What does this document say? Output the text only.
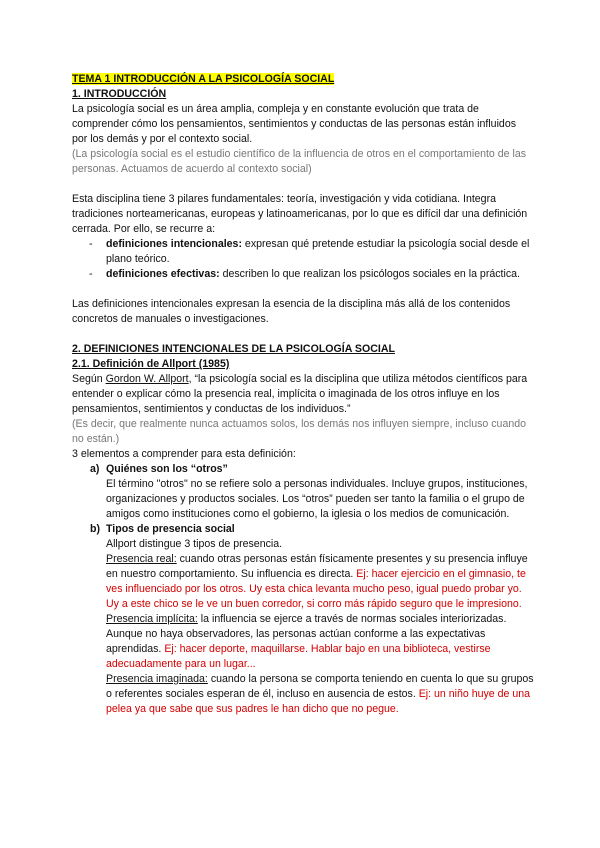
TEMA 1 INTRODUCCIÓN A LA PSICOLOGÍA SOCIAL

1. INTRODUCCIÓN

La psicología social es un área amplia, compleja y en constante evolución que trata de comprender cómo los pensamientos, sentimientos y conductas de las personas están influidos por los demás y por el contexto social.

(La psicología social es el estudio científico de la influencia de otros en el comportamiento de las personas. Actuamos de acuerdo al contexto social)

Esta disciplina tiene 3 pilares fundamentales: teoría, investigación y vida cotidiana. Integra tradiciones norteamericanas, europeas y latinoamericanas, por lo que es difícil dar una definición cerrada. Por ello, se recurre a:

- definiciones intencionales: expresan qué pretende estudiar la psicología social desde el plano teórico.
- definiciones efectivas: describen lo que realizan los psicólogos sociales en la práctica.

Las definiciones intencionales expresan la esencia de la disciplina más allá de los contenidos concretos de manuales o investigaciones.

2. DEFINICIONES INTENCIONALES DE LA PSICOLOGÍA SOCIAL

2.1. Definición de Allport (1985)

Según Gordon W. Allport, “la psicología social es la disciplina que utiliza métodos científicos para entender o explicar cómo la presencia real, implícita o imaginada de los otros influye en los pensamientos, sentimientos y conductas de los individuos.”

(Es decir, que realmente nunca actuamos solos, los demás nos influyen siempre, incluso cuando no están.)

3 elementos a comprender para esta definición:

a) Quiénes son los “otros”

El término "otros" no se refiere solo a personas individuales. Incluye grupos, instituciones, organizaciones y productos sociales. Los “otros” pueden ser tanto la familia o el grupo de amigos como instituciones como el gobierno, la iglesia o los medios de comunicación.

b) Tipos de presencia social

Allport distingue 3 tipos de presencia.

Presencia real: cuando otras personas están físicamente presentes y su presencia influye en nuestro comportamiento. Su influencia es directa. Ej: hacer ejercicio en el gimnasio, te ves influenciado por los otros. Uy esta chica levanta mucho peso, igual puedo probar yo. Uy a este chico se le ve un buen corredor, si corro más rápido seguro que le impresiono.

Presencia implícita: la influencia se ejerce a través de normas sociales interiorizadas. Aunque no haya observadores, las personas actúan conforme a las expectativas aprendidas. Ej: hacer deporte, maquillarse. Hablar bajo en una biblioteca, vestirse adecuadamente para un lugar...

Presencia imaginada: cuando la persona se comporta teniendo en cuenta lo que su grupos o referentes sociales esperan de él, incluso en ausencia de estos. Ej: un niño huye de una pelea ya que sabe que sus padres le han dicho que no pegue.
